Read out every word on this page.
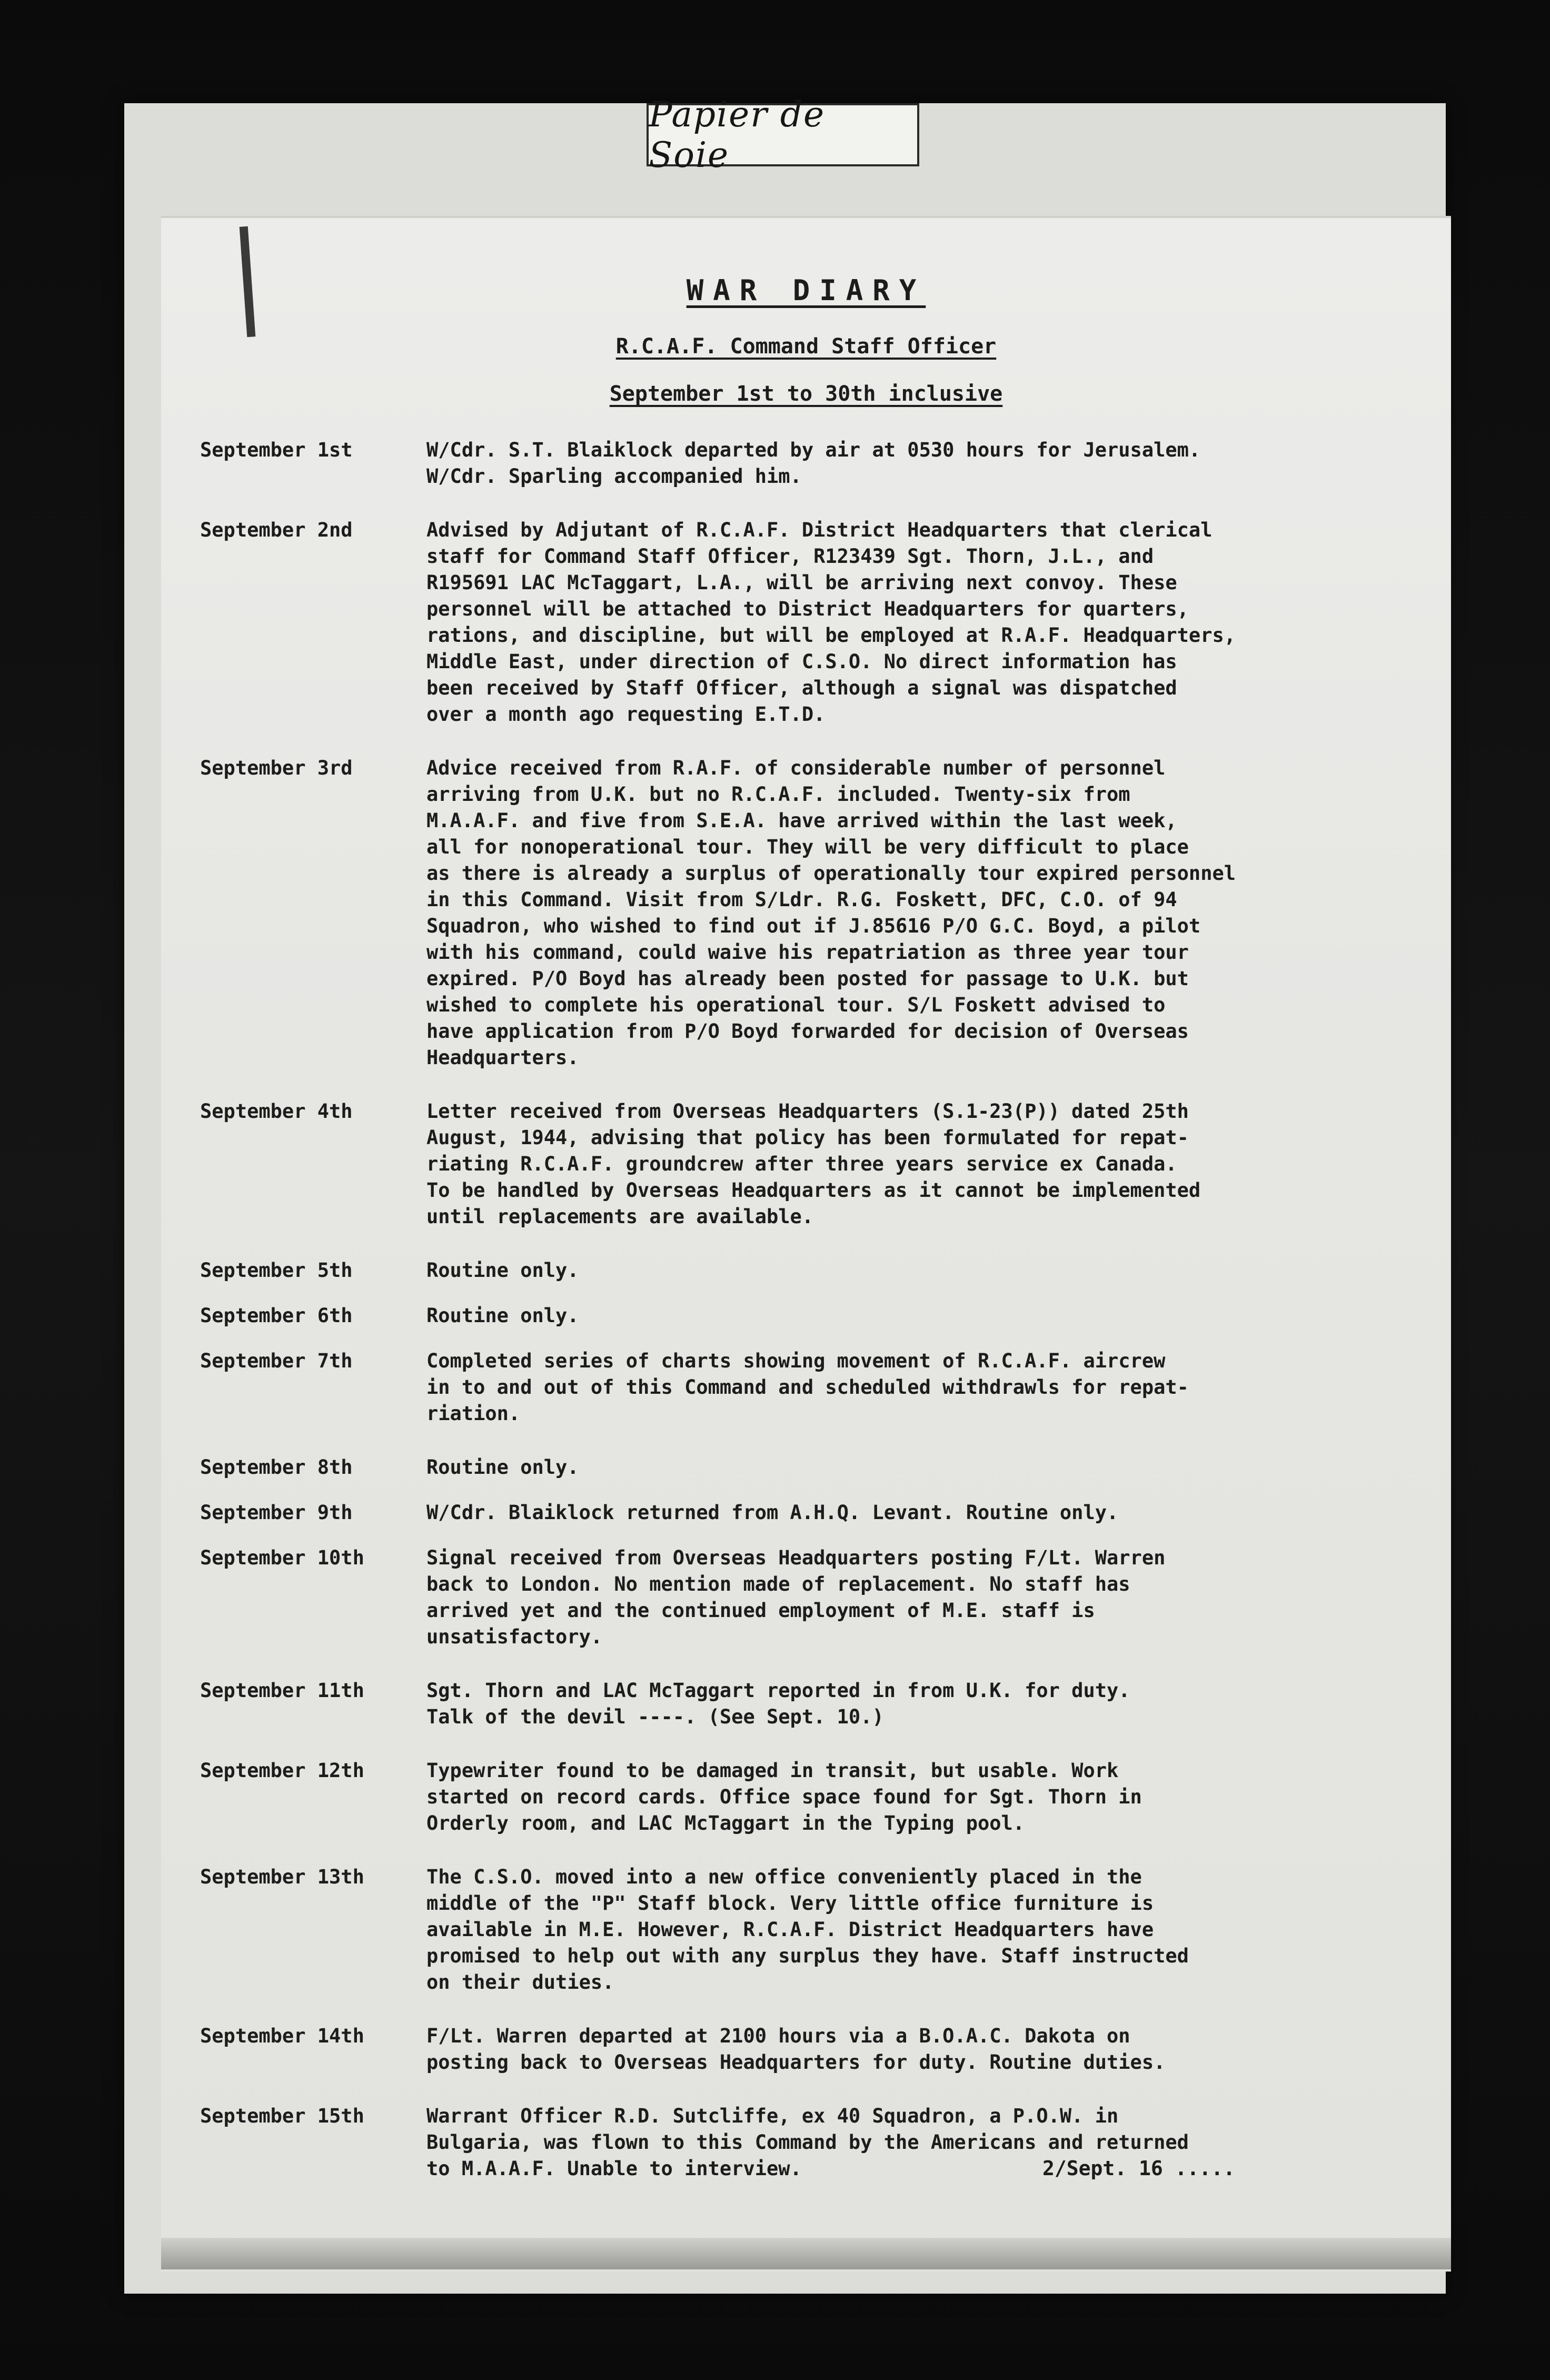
Papier de Soie
WAR DIARY
R.C.A.F. Command Staff Officer
September 1st to 30th inclusive
September 1st	W/Cdr. S.T. Blaiklock departed by air at 0530 hours for Jerusalem.
W/Cdr. Sparling accompanied him.
September 2nd	Advised by Adjutant of R.C.A.F. District Headquarters that clerical
staff for Command Staff Officer, R123439 Sgt. Thorn, J.L., and
R195691 LAC McTaggart, L.A., will be arriving next convoy. These
personnel will be attached to District Headquarters for quarters,
rations, and discipline, but will be employed at R.A.F. Headquarters,
Middle East, under direction of C.S.O. No direct information has
been received by Staff Officer, although a signal was dispatched
over a month ago requesting E.T.D.
September 3rd	Advice received from R.A.F. of considerable number of personnel
arriving from U.K. but no R.C.A.F. included. Twenty-six from
M.A.A.F. and five from S.E.A. have arrived within the last week,
all for nonoperational tour. They will be very difficult to place
as there is already a surplus of operationally tour expired personnel
in this Command. Visit from S/Ldr. R.G. Foskett, DFC, C.O. of 94
Squadron, who wished to find out if J.85616 P/O G.C. Boyd, a pilot
with his command, could waive his repatriation as three year tour
expired. P/O Boyd has already been posted for passage to U.K. but
wished to complete his operational tour. S/L Foskett advised to
have application from P/O Boyd forwarded for decision of Overseas
Headquarters.
September 4th	Letter received from Overseas Headquarters (S.1-23(P)) dated 25th
August, 1944, advising that policy has been formulated for repat-
riating R.C.A.F. groundcrew after three years service ex Canada.
To be handled by Overseas Headquarters as it cannot be implemented
until replacements are available.
September 5th	Routine only.
September 6th	Routine only.
September 7th	Completed series of charts showing movement of R.C.A.F. aircrew
in to and out of this Command and scheduled withdrawls for repat-
riation.
September 8th	Routine only.
September 9th	W/Cdr. Blaiklock returned from A.H.Q. Levant. Routine only.
September 10th	Signal received from Overseas Headquarters posting F/Lt. Warren
back to London. No mention made of replacement. No staff has
arrived yet and the continued employment of M.E. staff is
unsatisfactory.
September 11th	Sgt. Thorn and LAC McTaggart reported in from U.K. for duty.
Talk of the devil ----. (See Sept. 10.)
September 12th	Typewriter found to be damaged in transit, but usable. Work
started on record cards. Office space found for Sgt. Thorn in
Orderly room, and LAC McTaggart in the Typing pool.
September 13th	The C.S.O. moved into a new office conveniently placed in the
middle of the "P" Staff block. Very little office furniture is
available in M.E. However, R.C.A.F. District Headquarters have
promised to help out with any surplus they have. Staff instructed
on their duties.
September 14th	F/Lt. Warren departed at 2100 hours via a B.O.A.C. Dakota on
posting back to Overseas Headquarters for duty. Routine duties.
September 15th	Warrant Officer R.D. Sutcliffe, ex 40 Squadron, a P.O.W. in
Bulgaria, was flown to this Command by the Americans and returned
to M.A.A.F. Unable to interview.	2/Sept. 16 .....
